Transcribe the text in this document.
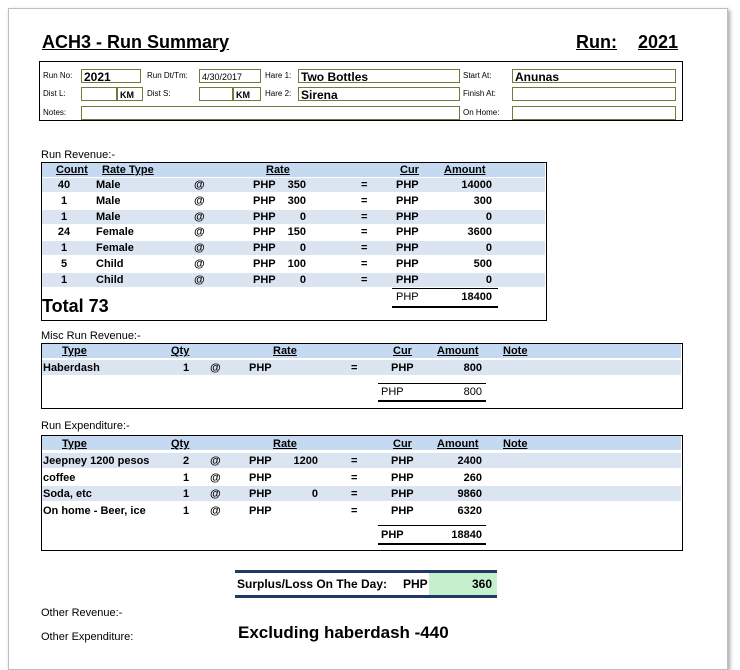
ACH3 - Run Summary	Run: 2021
Run No: 2021	Run Dt/Tm:	4/30/2017	Hare 1: Two Bottles	Start At: Anunas
Dist L:	KM	Dist S:	KM	Hare 2: Sirena	Finish At:
Notes:	On Home:
Run Revenue:-
Count Rate Type	Rate	Cur Amount
40	Male	@	PHP	350	=	PHP	14000
1	Male	@	PHP	300	=	PHP	300
1	Male	@	PHP	0	=	PHP	0
24	Female	@	PHP	150	=	PHP	3600
1	Female	@	PHP	0	=	PHP	0
5	Child	@	PHP	100	=	PHP	500
1	Child	@	PHP	0	=	PHP	0
Total 73	PHP	18400
Misc Run Revenue:-
Type	Qty	Rate	Cur Amount Note
Haberdash	1	@	PHP	=	PHP	800
PHP	800
Run Expenditure:-
Type	Qty	Rate	Cur Amount Note
Jeepney 1200 pesos	2	@	PHP	1200	=	PHP	2400
coffee	1	@	PHP	=	PHP	260
Soda, etc	1	@	PHP	0	=	PHP	9860
On home - Beer, ice	1	@	PHP	=	PHP	6320
PHP	18840
Surplus/Loss On The Day: PHP	360
Other Revenue:-
Other Expenditure:	Excluding haberdash -440
